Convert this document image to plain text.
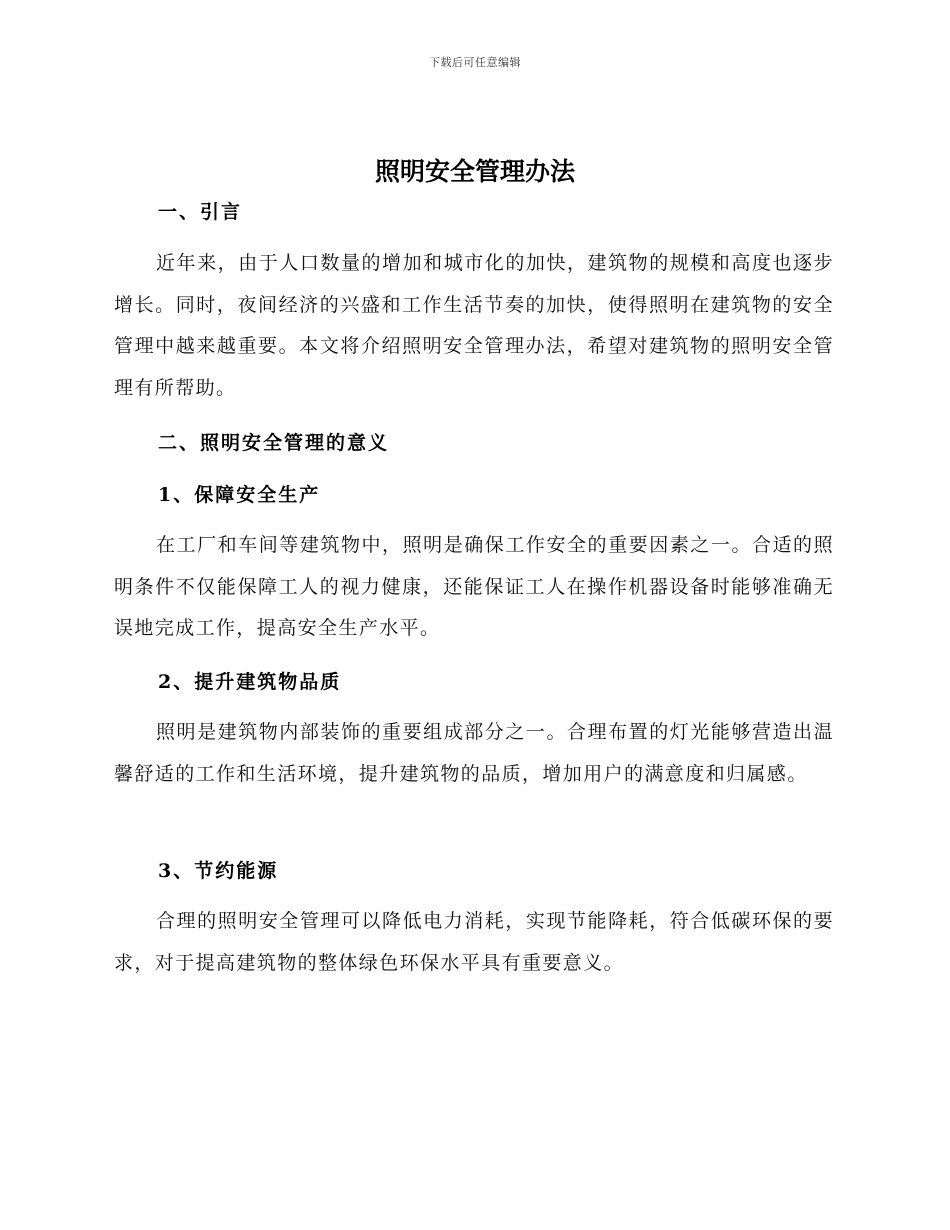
下载后可任意编辑
照明安全管理办法
一、引言

近年来，由于人口数量的增加和城市化的加快，建筑物的规模和高度也逐步增长。同时，夜间经济的兴盛和工作生活节奏的加快，使得照明在建筑物的安全管理中越来越重要。本文将介绍照明安全管理办法，希望对建筑物的照明安全管理有所帮助。

二、照明安全管理的意义
1、保障安全生产

在工厂和车间等建筑物中，照明是确保工作安全的重要因素之一。合适的照明条件不仅能保障工人的视力健康，还能保证工人在操作机器设备时能够准确无误地完成工作，提高安全生产水平。

2、提升建筑物品质

照明是建筑物内部装饰的重要组成部分之一。合理布置的灯光能够营造出温馨舒适的工作和生活环境，提升建筑物的品质，增加用户的满意度和归属感。

3、节约能源

合理的照明安全管理可以降低电力消耗，实现节能降耗，符合低碳环保的要求，对于提高建筑物的整体绿色环保水平具有重要意义。
